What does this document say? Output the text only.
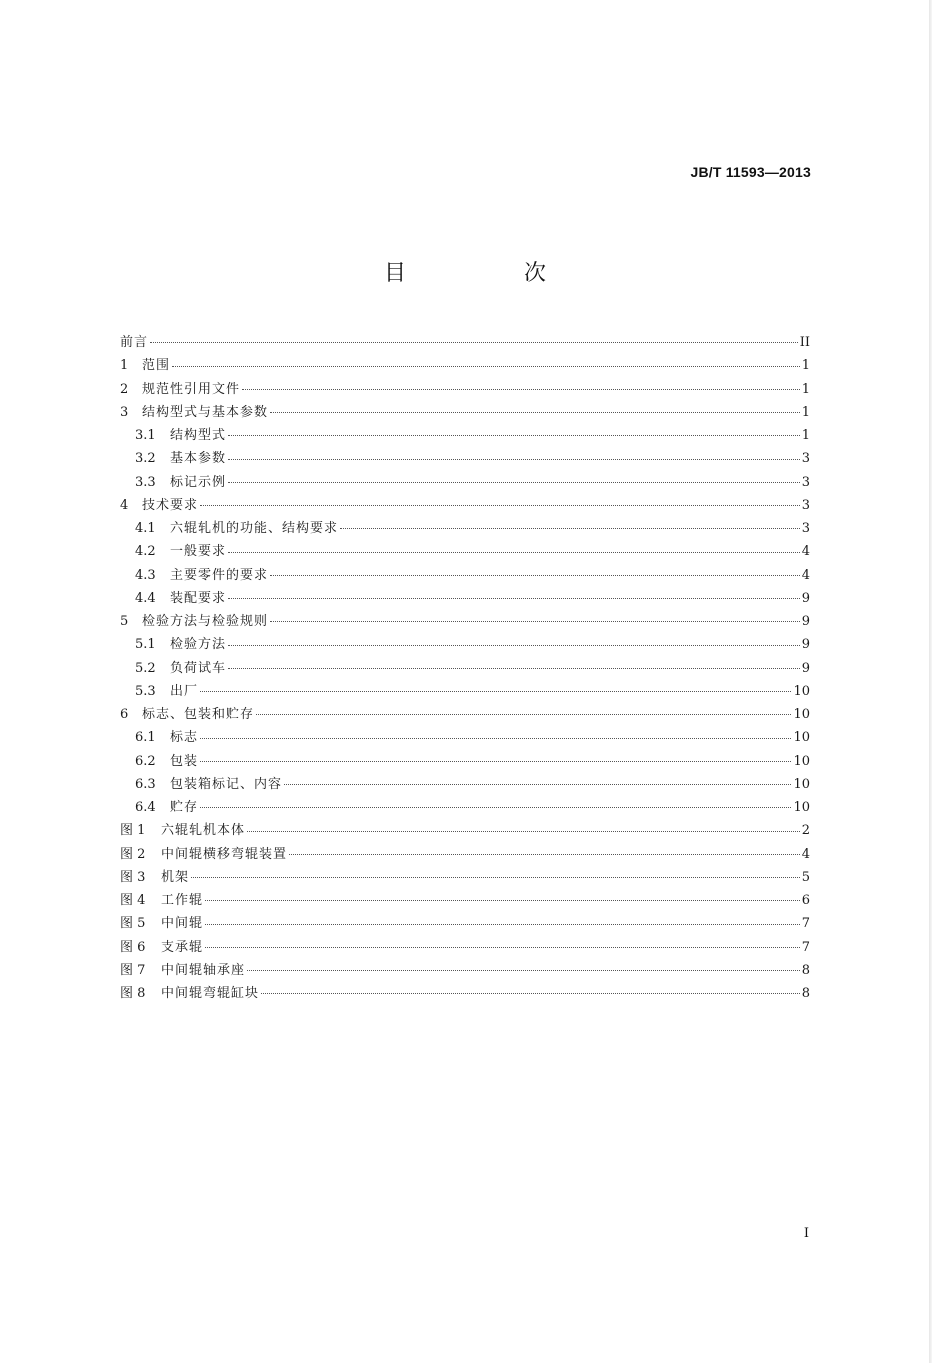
JB/T 11593—2013
目　次
前言	II
1	范围	1
2	规范性引用文件	1
3	结构型式与基本参数	1
3.1	结构型式	1
3.2	基本参数	3
3.3	标记示例	3
4	技术要求	3
4.1	六辊轧机的功能、结构要求	3
4.2	一般要求	4
4.3	主要零件的要求	4
4.4	装配要求	9
5	检验方法与检验规则	9
5.1	检验方法	9
5.2	负荷试车	9
5.3	出厂	10
6	标志、包装和贮存	10
6.1	标志	10
6.2	包装	10
6.3	包装箱标记、内容	10
6.4	贮存	10
图 1	六辊轧机本体	2
图 2	中间辊横移弯辊装置	4
图 3	机架	5
图 4	工作辊	6
图 5	中间辊	7
图 6	支承辊	7
图 7	中间辊轴承座	8
图 8	中间辊弯辊缸块	8
I
